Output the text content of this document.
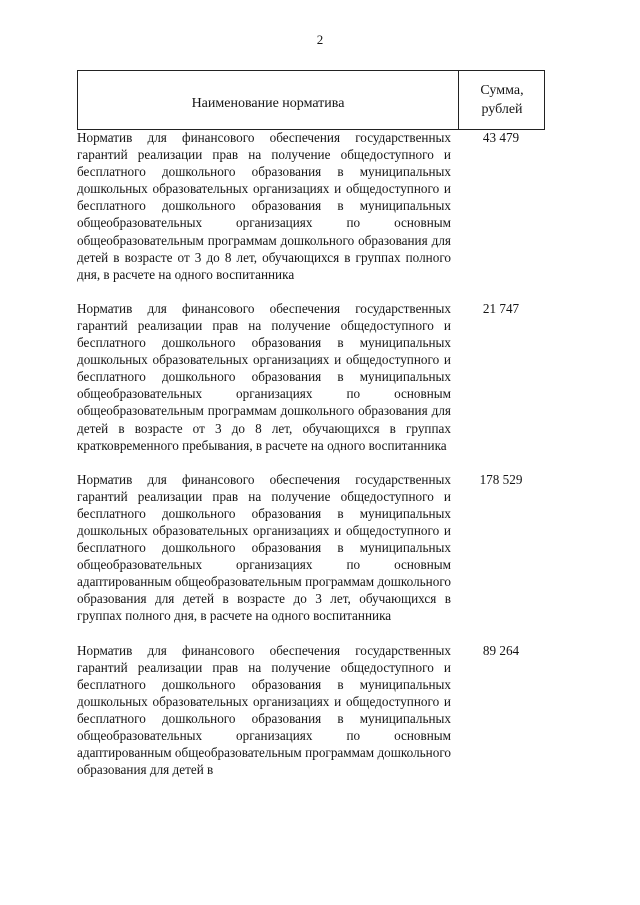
2
Наименование норматива
Сумма,
рублей
Норматив для финансового обеспечения государственных гарантий реализации прав на получение общедоступного и бесплатного дошкольного образования в муниципальных дошкольных образовательных организациях и общедоступного и бесплатного дошкольного образования в муниципальных общеобразовательных организациях по основным общеобразовательным программам дошкольного образования для детей в возрасте от 3 до 8 лет, обучающихся в группах полного дня, в расчете на одного воспитанника
43 479
Норматив для финансового обеспечения государственных гарантий реализации прав на получение общедоступного и бесплатного дошкольного образования в муниципальных дошкольных образовательных организациях и общедоступного и бесплатного дошкольного образования в муниципальных общеобразовательных организациях по основным общеобразовательным программам дошкольного образования для детей в возрасте от 3 до 8 лет, обучающихся в группах кратковременного пребывания, в расчете на одного воспитанника
21 747
Норматив для финансового обеспечения государственных гарантий реализации прав на получение общедоступного и бесплатного дошкольного образования в муниципальных дошкольных образовательных организациях и общедоступного и бесплатного дошкольного образования в муниципальных общеобразовательных организациях по основным адаптированным общеобразовательным программам дошкольного образования для детей в возрасте до 3 лет, обучающихся в группах полного дня, в расчете на одного воспитанника
178 529
Норматив для финансового обеспечения государственных гарантий реализации прав на получение общедоступного и бесплатного дошкольного образования в муниципальных дошкольных образовательных организациях и общедоступного и бесплатного дошкольного образования в муниципальных общеобразовательных организациях по основным адаптированным общеобразовательным программам дошкольного образования для детей в
89 264
